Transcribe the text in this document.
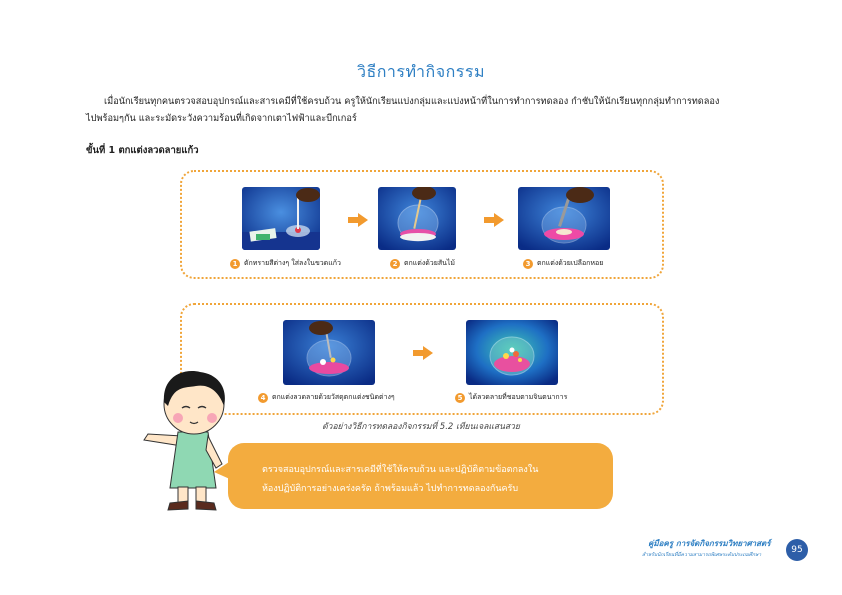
วิธีการทำกิจกรรม
เมื่อนักเรียนทุกคนตรวจสอบอุปกรณ์และสารเคมีที่ใช้ครบถ้วน ครูให้นักเรียนแบ่งกลุ่มและแบ่งหน้าที่ในการทำการทดลอง กำชับให้นักเรียนทุกกลุ่มทำการทดลอง
ไปพร้อมๆกัน และระมัดระวังความร้อนที่เกิดจากเตาไฟฟ้าและบีกเกอร์
ขั้นที่ 1 ตกแต่งลวดลายแก้ว
1 ตักทรายสีต่างๆ ใส่ลงในขวดแก้ว	2 ตกแต่งด้วยสันไม้	3 ตกแต่งด้วยเปลือกหอย
4 ตกแต่งลวดลายด้วยวัสดุตกแต่งชนิดต่างๆ	5 ได้ลวดลายที่ชอบตามจินตนาการ
ตัวอย่างวิธีการทดลองกิจกรรมที่ 5.2 เทียนเจลแสนสวย
ตรวจสอบอุปกรณ์และสารเคมีที่ใช้ให้ครบถ้วน และปฏิบัติตามข้อตกลงใน
ห้องปฏิบัติการอย่างเคร่งครัด ถ้าพร้อมแล้ว ไปทำการทดลองกันครับ
คู่มือครู การจัดกิจกรรมวิทยาศาสตร์
สำหรับนักเรียนที่มีความสามารถพิเศษระดับประถมศึกษา	95
